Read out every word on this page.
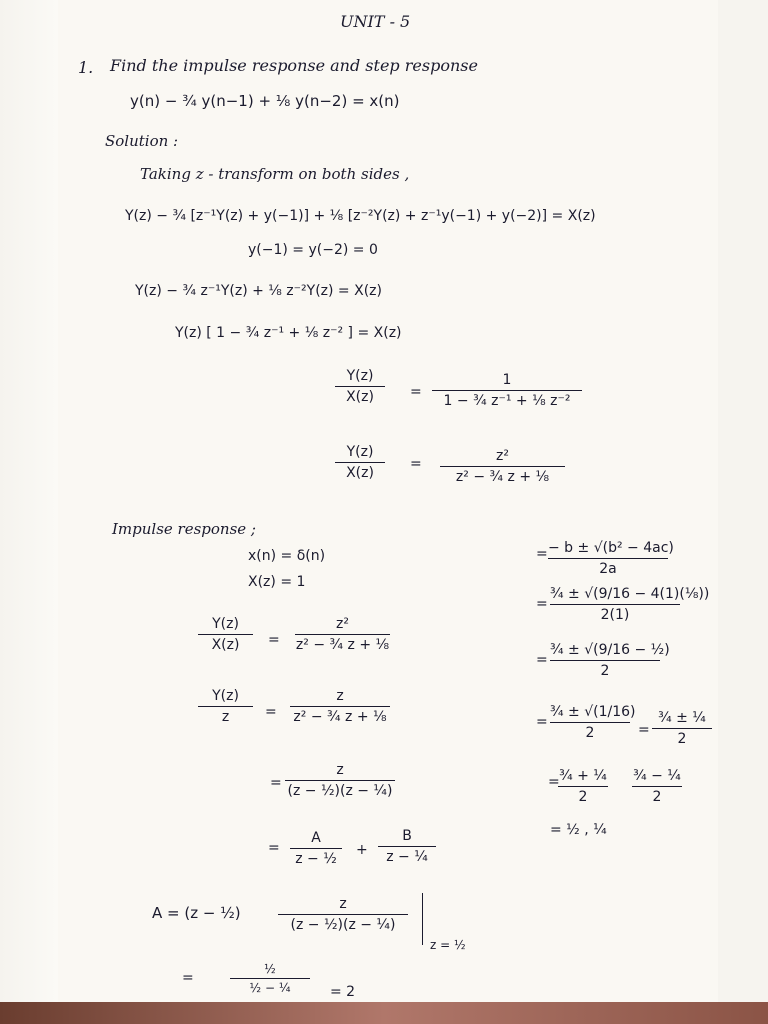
UNIT - 5
1. Find the impulse response and step response
y(n) − ¾ y(n−1) + ⅛ y(n−2) = x(n)
Solution :
Taking z - transform on both sides ,
Y(z) − ¾ [z⁻¹Y(z) + y(−1)] + ⅛ [z⁻²Y(z) + z⁻¹y(−1) + y(−2)] = X(z)
y(−1) = y(−2) = 0
Y(z) − ¾ z⁻¹Y(z) + ⅛ z⁻²Y(z) = X(z)
Y(z) [ 1 − ¾ z⁻¹ + ⅛ z⁻² ] = X(z)
Y(z)
X(z)	=
1
1 − ¾ z⁻¹ + ⅛ z⁻²
Y(z)
X(z)
=	z²
z² − ¾ z + ⅛
Impulse response ;
x(n) = δ(n)
X(z) = 1
Y(z)
X(z)	=
z²
z² − ¾ z + ⅛
Y(z)
z	=
z
z² − ¾ z + ⅛
=
z
(z − ½)(z − ¼)
=
A
z − ½
+
B
z − ¼
= − b ± √(b² − 4ac)
2a
=
¾ ± √(9/16 − 4(1)(⅛))
2(1)
=
¾ ± √(9/16 − ½)
2
=
¾ ± √(1/16)
2	=
¾ ± ¼
2
= ¾ + ¼
2
¾ − ¼
2
= ½ , ¼
A = (z − ½)	z
(z − ½)(z − ¼)
z = ½
=
½
½ − ¼	= 2
